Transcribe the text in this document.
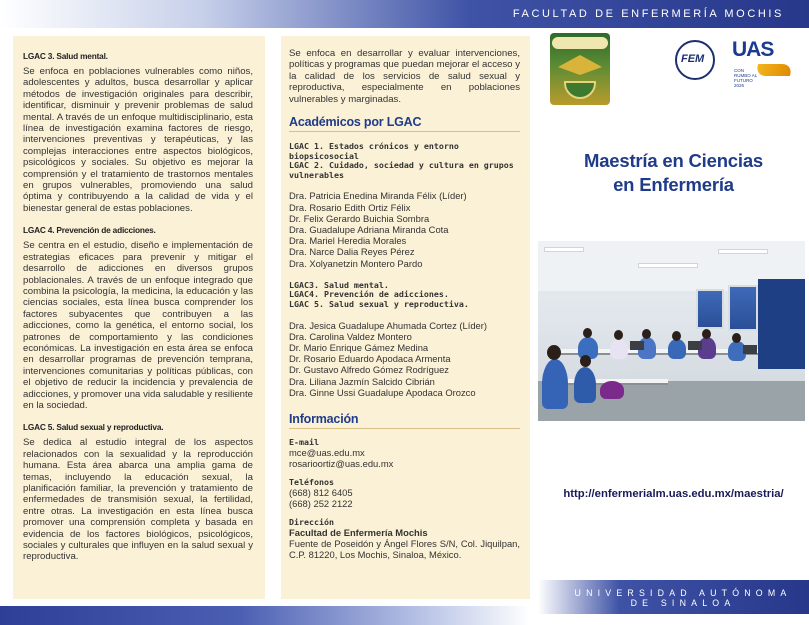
FACULTAD DE ENFERMERÍA MOCHIS
LGAC 3. Salud mental.

Se enfoca en poblaciones vulnerables como niños, adolescentes y adultos, busca desarrollar y aplicar métodos de investigación originales para describir, identificar, disminuir y prevenir problemas de salud mental. A través de un enfoque multidisciplinario, esta línea de investigación examina factores de riesgo, intervenciones preventivas y terapéuticas, y las complejas interacciones entre aspectos biológicos, psicológicos y sociales. Su objetivo es mejorar la comprensión y el tratamiento de trastornos mentales en grupos vulnerables, promoviendo una salud óptima y contribuyendo a la calidad de vida y el bienestar general de estas poblaciones.

LGAC 4. Prevención de adicciones.

Se centra en el estudio, diseño e implementación de estrategias eficaces para prevenir y mitigar el desarrollo de adicciones en diversos grupos poblacionales. A través de un enfoque integrado que combina la psicología, la medicina, la educación y las ciencias sociales, esta línea busca comprender los factores subyacentes que contribuyen a las adicciones, como la genética, el entorno social, los patrones de comportamiento y las condiciones económicas. La investigación en esta área se enfoca en desarrollar programas de prevención temprana, intervenciones comunitarias y políticas públicas, con el objetivo de reducir la incidencia y prevalencia de adicciones, y promover una vida saludable y resiliente en la sociedad.

LGAC 5. Salud sexual y reproductiva.

Se dedica al estudio integral de los aspectos relacionados con la sexualidad y la reproducción humana. Esta área abarca una amplia gama de temas, incluyendo la educación sexual, la planificación familiar, la prevención y tratamiento de enfermedades de transmisión sexual, la fertilidad, entre otras. La investigación en esta línea busca promover una comprensión completa y basada en evidencia de los factores biológicos, psicológicos, sociales y culturales que influyen en la salud sexual y reproductiva.

Se enfoca en desarrollar y evaluar intervenciones, políticas y programas que puedan mejorar el acceso y la calidad de los servicios de salud sexual y reproductiva, especialmente en poblaciones vulnerables y marginadas.

Académicos por LGAC
LGAC 1. Estados crónicos y entorno biopsicosocial
LGAC 2. Cuidado, sociedad y cultura en grupos vulnerables
Dra. Patricia Enedina Miranda Félix (Líder)
Dra. Rosario Edith Ortiz Félix
Dr. Felix Gerardo Buichia Sombra
Dra. Guadalupe Adriana Miranda Cota
Dra. Mariel Heredia Morales
Dra. Narce Dalia Reyes Pérez
Dra. Xolyanetzin Montero Pardo
LGAC3. Salud mental.
LGAC4. Prevención de adicciones.
LGAC 5. Salud sexual y reproductiva.
Dra. Jesica Guadalupe Ahumada Cortez (Líder)
Dra. Carolina Valdez Montero
Dr. Mario Enrique Gámez Medina
Dr. Rosario Eduardo Apodaca Armenta
Dr. Gustavo Alfredo Gómez Rodríguez
Dra. Liliana Jazmín Salcido Cibrián
Dra. Ginne Ussi Guadalupe Apodaca Orozco
Información
E-mail
mce@uas.edu.mx
rosarioortiz@uas.edu.mx
Teléfonos
(668) 812 6405
(668) 252 2122
Dirección
Facultad de Enfermería Mochis
Fuente de Poseidón y Ángel Flores S/N, Col. Jiquilpan, C.P. 81220, Los Mochis, Sinaloa, México.
FEM UAS
CON RUMBO AL FUTURO 2026
Maestría en Ciencias
en Enfermería
http://enfermerialm.uas.edu.mx/maestria/
UNIVERSIDAD AUTÓNOMA
DE SINALOA
